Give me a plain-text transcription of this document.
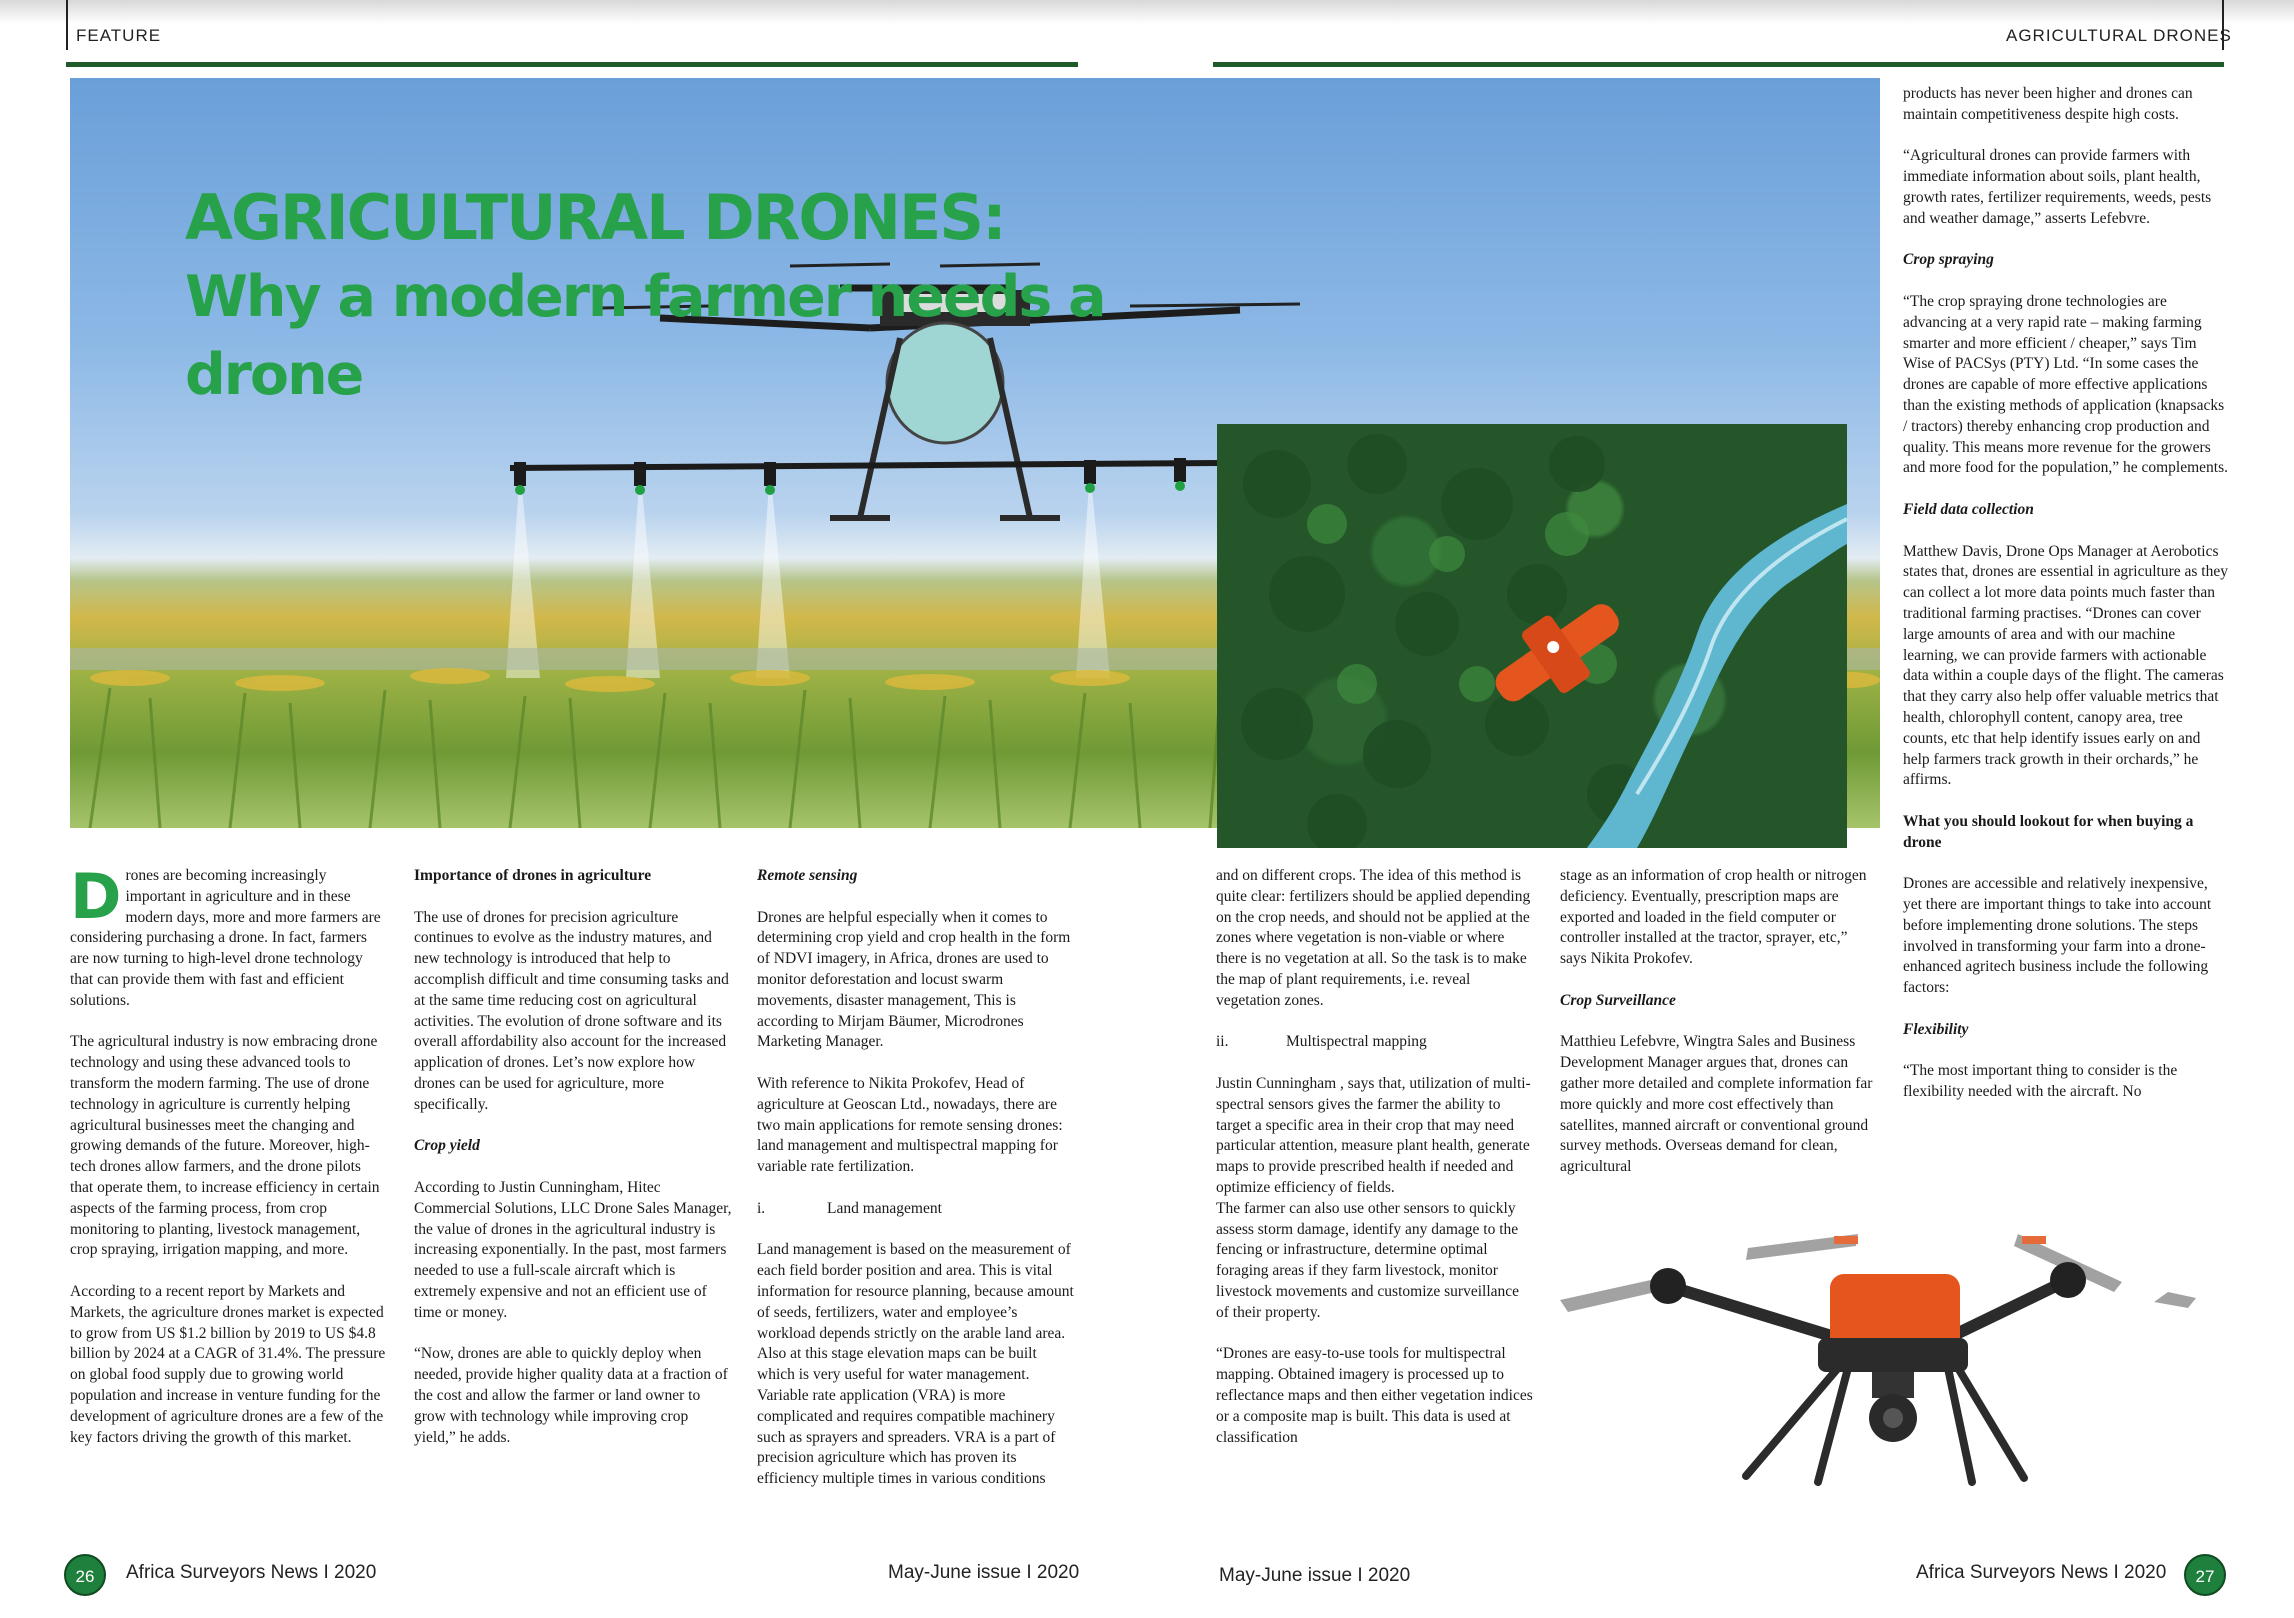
FEATURE	AGRICULTURAL DRONES
AGRICULTURAL DRONES:
Why a modern farmer needs a
drone

Drones are becoming increasingly important in agriculture and in these modern days, more and more farmers are considering purchasing a drone. In fact, farmers are now turning to high-level drone technology that can provide them with fast and efficient solutions.

The agricultural industry is now embracing drone technology and using these advanced tools to transform the modern farming. The use of drone technology in agriculture is currently helping agricultural businesses meet the changing and growing demands of the future. Moreover, high-tech drones allow farmers, and the drone pilots that operate them, to increase efficiency in certain aspects of the farming process, from crop monitoring to planting, livestock management, crop spraying, irrigation mapping, and more.

According to a recent report by Markets and Markets, the agriculture drones market is expected to grow from US $1.2 billion by 2019 to US $4.8 billion by 2024 at a CAGR of 31.4%. The pressure on global food supply due to growing world population and increase in venture funding for the development of agriculture drones are a few of the key factors driving the growth of this market.

Importance of drones in agriculture

The use of drones for precision agriculture continues to evolve as the industry matures, and new technology is introduced that help to accomplish difficult and time consuming tasks and at the same time reducing cost on agricultural activities. The evolution of drone software and its overall affordability also account for the increased application of drones. Let’s now explore how drones can be used for agriculture, more specifically.

Crop yield

According to Justin Cunningham, Hitec Commercial Solutions, LLC Drone Sales Manager, the value of drones in the agricultural industry is increasing exponentially. In the past, most farmers needed to use a full-scale aircraft which is extremely expensive and not an efficient use of time or money.

“Now, drones are able to quickly deploy when needed, provide higher quality data at a fraction of the cost and allow the farmer or land owner to grow with technology while improving crop yield,” he adds.

Remote sensing

Drones are helpful especially when it comes to determining crop yield and crop health in the form of NDVI imagery, in Africa, drones are used to monitor deforestation and locust swarm movements, disaster management, This is according to Mirjam Bäumer, Microdrones Marketing Manager.

With reference to Nikita Prokofev, Head of agriculture at Geoscan Ltd., nowadays, there are two main applications for remote sensing drones: land management and multispectral mapping for variable rate fertilization.

i.	Land management

Land management is based on the measurement of each field border position and area. This is vital information for resource planning, because amount of seeds, fertilizers, water and employee’s workload depends strictly on the arable land area. Also at this stage elevation maps can be built which is very useful for water management. Variable rate application (VRA) is more complicated and requires compatible machinery such as sprayers and spreaders. VRA is a part of precision agriculture which has proven its efficiency multiple times in various conditions

and on different crops. The idea of this method is quite clear: fertilizers should be applied depending on the crop needs, and should not be applied at the zones where vegetation is non-viable or where there is no vegetation at all. So the task is to make the map of plant requirements, i.e. reveal vegetation zones.

ii.	Multispectral mapping

Justin Cunningham , says that, utilization of multi-spectral sensors gives the farmer the ability to target a specific area in their crop that may need particular attention, measure plant health, generate maps to provide prescribed health if needed and optimize efficiency of fields.

The farmer can also use other sensors to quickly assess storm damage, identify any damage to the fencing or infrastructure, determine optimal foraging areas if they farm livestock, monitor livestock movements and customize surveillance of their property.

“Drones are easy-to-use tools for multispectral mapping. Obtained imagery is processed up to reflectance maps and then either vegetation indices or a composite map is built. This data is used at classification

stage as an information of crop health or nitrogen deficiency. Eventually, prescription maps are exported and loaded in the field computer or controller installed at the tractor, sprayer, etc,” says Nikita Prokofev.

Crop Surveillance

Matthieu Lefebvre, Wingtra Sales and Business Development Manager argues that, drones can gather more detailed and complete information far more quickly and more cost effectively than satellites, manned aircraft or conventional ground survey methods. Overseas demand for clean, agricultural

products has never been higher and drones can maintain competitiveness despite high costs.

“Agricultural drones can provide farmers with immediate information about soils, plant health, growth rates, fertilizer requirements, weeds, pests and weather damage,” asserts Lefebvre.

Crop spraying

“The crop spraying drone technologies are advancing at a very rapid rate – making farming smarter and more efficient / cheaper,” says Tim Wise of PACSys (PTY) Ltd. “In some cases the drones are capable of more effective applications than the existing methods of application (knapsacks / tractors) thereby enhancing crop production and quality. This means more revenue for the growers and more food for the population,” he complements.

Field data collection

Matthew Davis, Drone Ops Manager at Aerobotics states that, drones are essential in agriculture as they can collect a lot more data points much faster than traditional farming practises. “Drones can cover large amounts of area and with our machine learning, we can provide farmers with actionable data within a couple days of the flight. The cameras that they carry also help offer valuable metrics that health, chlorophyll content, canopy area, tree counts, etc that help identify issues early on and help farmers track growth in their orchards,” he affirms.

What you should lookout for when buying a drone

Drones are accessible and relatively inexpensive, yet there are important things to take into account before implementing drone solutions. The steps involved in transforming your farm into a drone-enhanced agritech business include the following factors:

Flexibility

“The most important thing to consider is the flexibility needed with the aircraft. No

26	Africa Surveyors News I 2020	May-June issue I 2020	May-June issue I 2020	Africa Surveyors News I 2020	27
